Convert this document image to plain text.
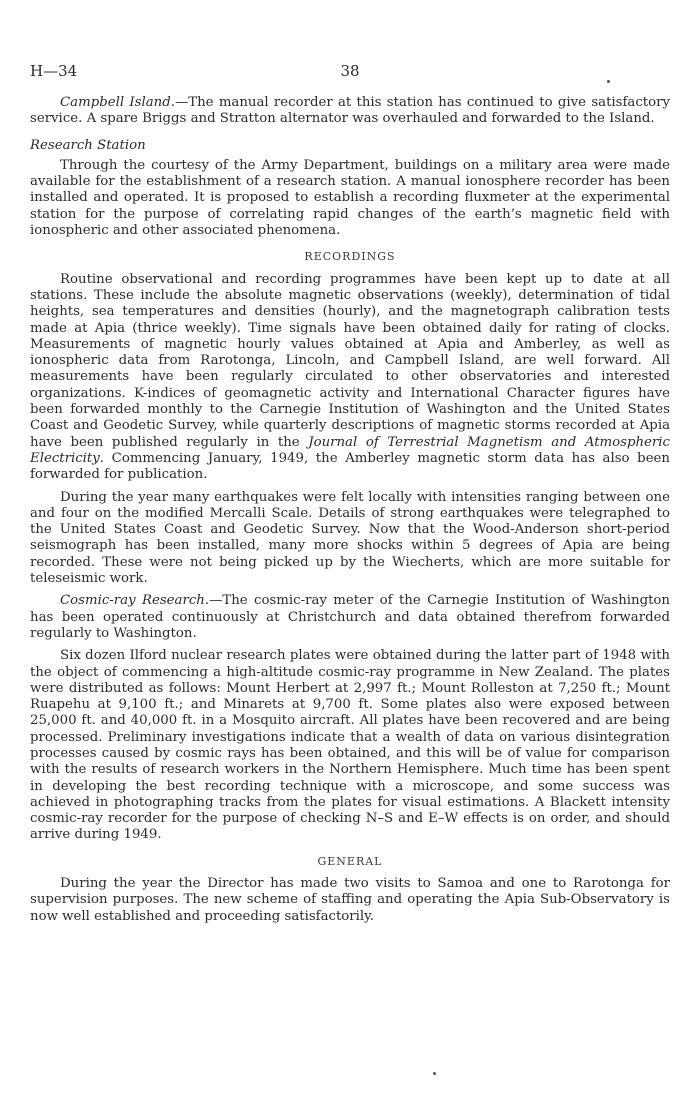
H—34	38

Campbell Island.—The manual recorder at this station has continued to give satisfactory service. A spare Briggs and Stratton alternator was overhauled and forwarded to the Island.

Research Station

Through the courtesy of the Army Department, buildings on a military area were made available for the establishment of a research station. A manual ionosphere recorder has been installed and operated. It is proposed to establish a recording fluxmeter at the experimental station for the purpose of correlating rapid changes of the earth’s magnetic field with ionospheric and other associated phenomena.

RECORDINGS

Routine observational and recording programmes have been kept up to date at all stations. These include the absolute magnetic observations (weekly), determination of tidal heights, sea temperatures and densities (hourly), and the magnetograph calibration tests made at Apia (thrice weekly). Time signals have been obtained daily for rating of clocks. Measurements of magnetic hourly values obtained at Apia and Amberley, as well as ionospheric data from Rarotonga, Lincoln, and Campbell Island, are well forward. All measurements have been regularly circulated to other observatories and interested organizations. K-indices of geomagnetic activity and International Character figures have been forwarded monthly to the Carnegie Institution of Washington and the United States Coast and Geodetic Survey, while quarterly descriptions of magnetic storms recorded at Apia have been published regularly in the Journal of Terrestrial Magnetism and Atmospheric Electricity. Commencing January, 1949, the Amberley magnetic storm data has also been forwarded for publication.

During the year many earthquakes were felt locally with intensities ranging between one and four on the modified Mercalli Scale. Details of strong earthquakes were telegraphed to the United States Coast and Geodetic Survey. Now that the Wood-Anderson short-period seismograph has been installed, many more shocks within 5 degrees of Apia are being recorded. These were not being picked up by the Wiecherts, which are more suitable for teleseismic work.

Cosmic-ray Research.—The cosmic-ray meter of the Carnegie Institution of Washington has been operated continuously at Christchurch and data obtained therefrom forwarded regularly to Washington.

Six dozen Ilford nuclear research plates were obtained during the latter part of 1948 with the object of commencing a high-altitude cosmic-ray programme in New Zealand. The plates were distributed as follows: Mount Herbert at 2,997 ft.; Mount Rolleston at 7,250 ft.; Mount Ruapehu at 9,100 ft.; and Minarets at 9,700 ft. Some plates also were exposed between 25,000 ft. and 40,000 ft. in a Mosquito aircraft. All plates have been recovered and are being processed. Preliminary investigations indicate that a wealth of data on various disintegration processes caused by cosmic rays has been obtained, and this will be of value for comparison with the results of research workers in the Northern Hemisphere. Much time has been spent in developing the best recording technique with a microscope, and some success was achieved in photographing tracks from the plates for visual estimations. A Blackett intensity cosmic-ray recorder for the purpose of checking N–S and E–W effects is on order, and should arrive during 1949.

GENERAL

During the year the Director has made two visits to Samoa and one to Rarotonga for supervision purposes. The new scheme of staffing and operating the Apia Sub-Observatory is now well established and proceeding satisfactorily.
